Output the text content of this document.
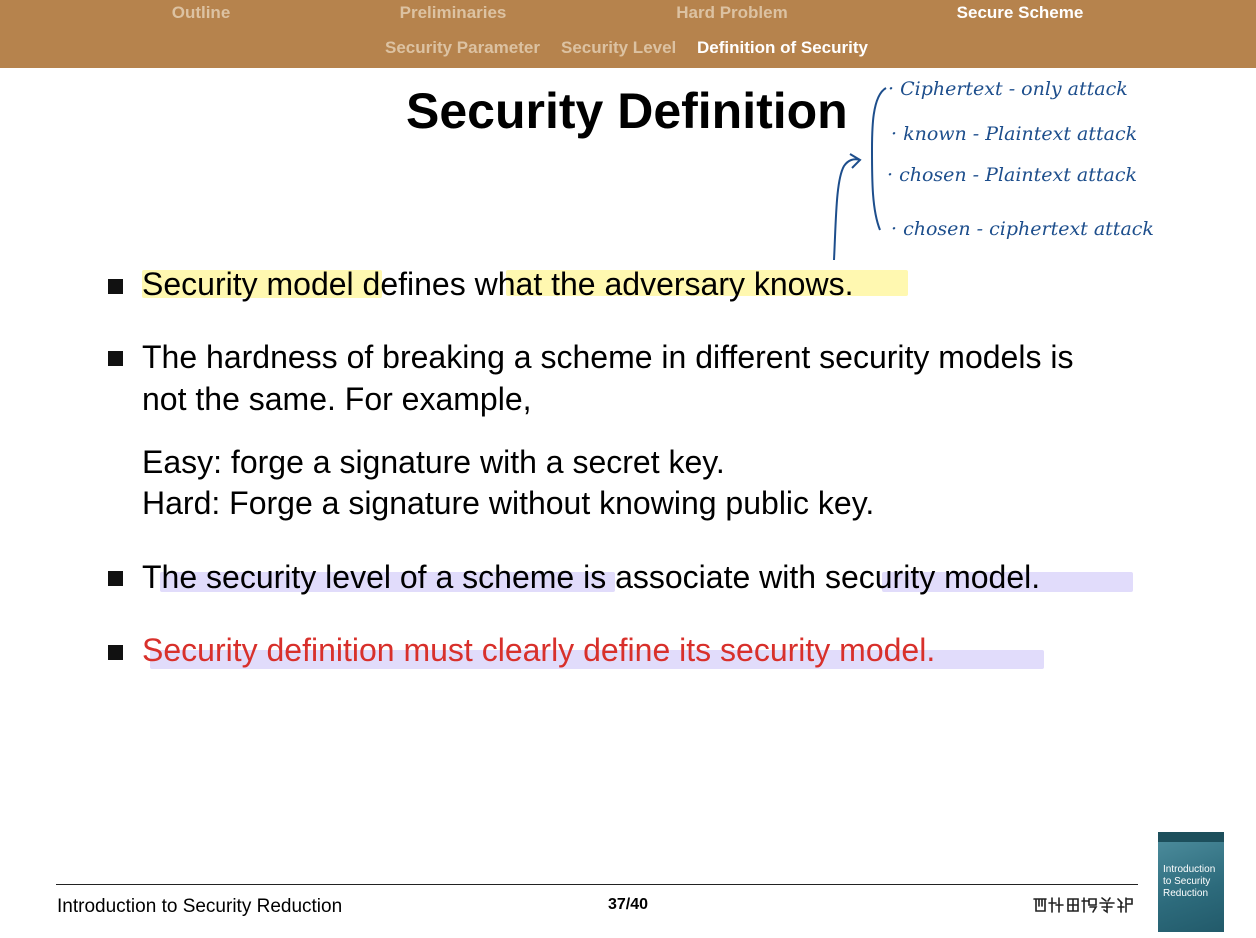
Outline	Preliminaries	Hard Problem	Secure Scheme
Security Parameter Security Level Definition of Security
Security Definition
Security model defines what the adversary knows.
The hardness of breaking a scheme in different security models is
not the same. For example,
Easy: forge a signature with a secret key.
Hard: Forge a signature without knowing public key.
The security level of a scheme is associate with security model.
Security definition must clearly define its security model.
· Ciphertext - only attack
· known - Plaintext attack
· chosen - Plaintext attack
· chosen - ciphertext attack
Introduction to Security Reduction	37/40
Introduction to Security Reduction
